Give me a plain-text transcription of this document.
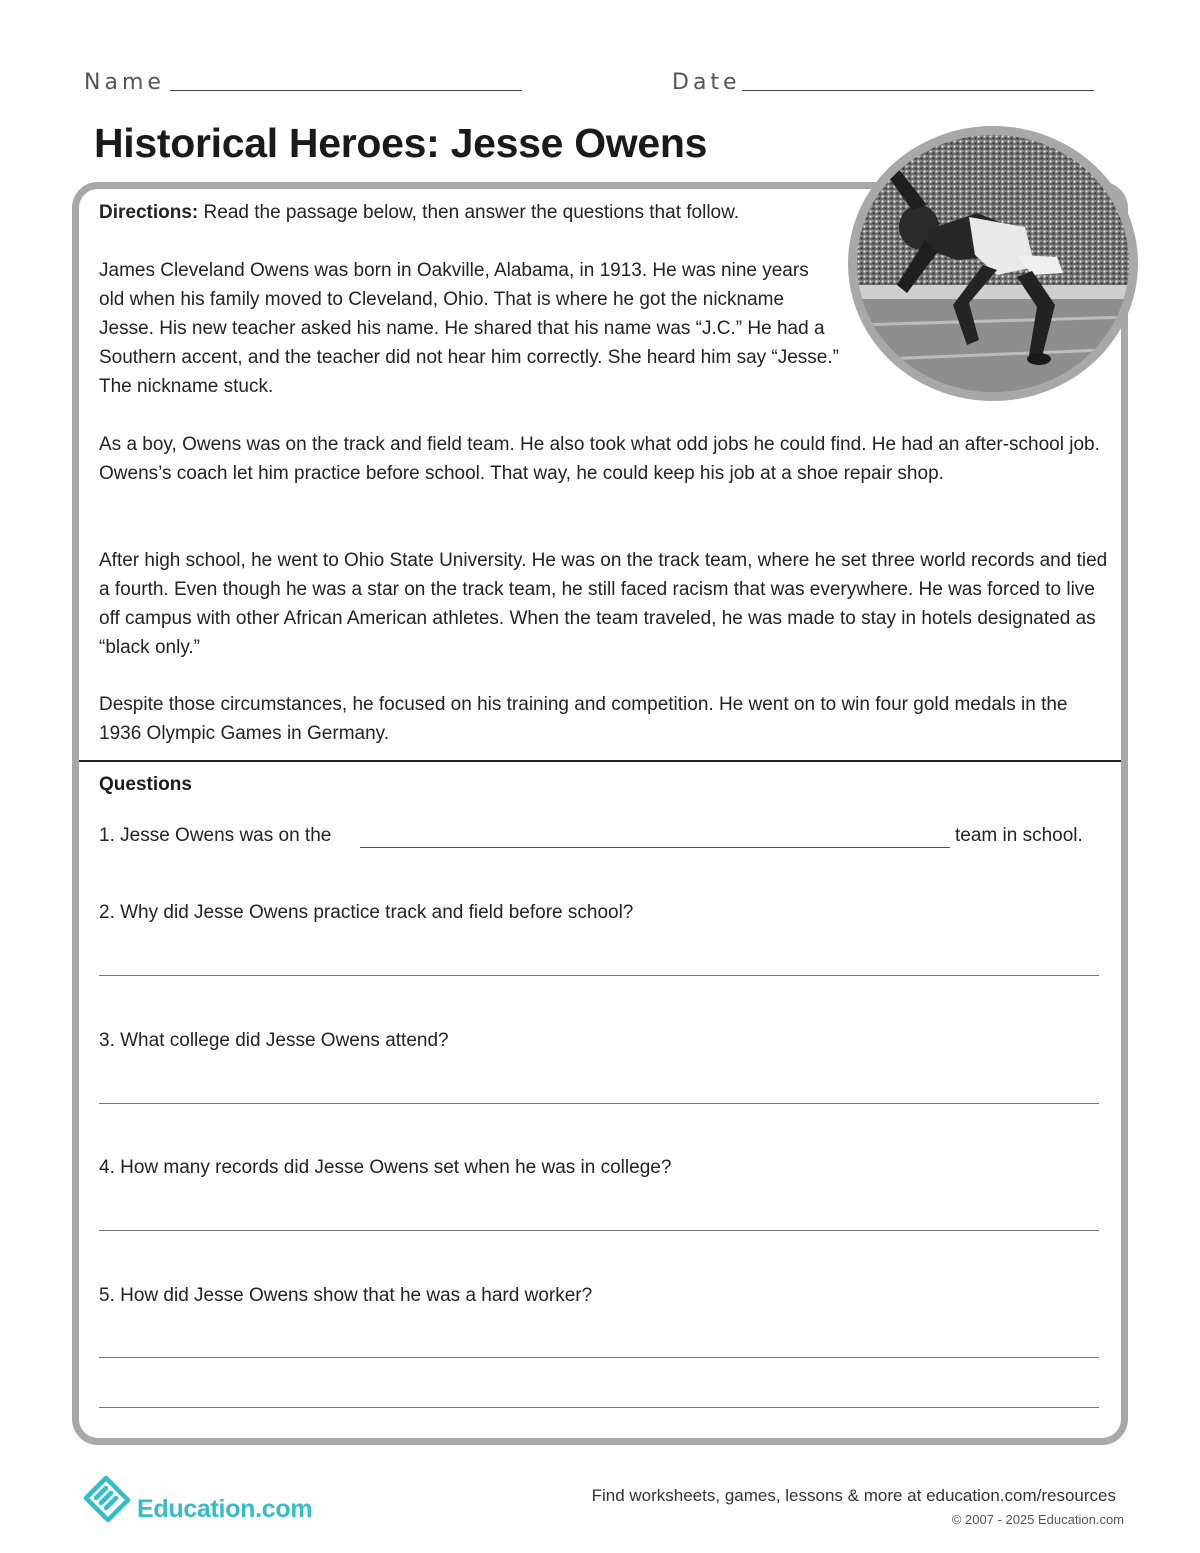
Name	Date
Historical Heroes: Jesse Owens

Directions: Read the passage below, then answer the questions that follow.

James Cleveland Owens was born in Oakville, Alabama, in 1913. He was nine years old when his family moved to Cleveland, Ohio. That is where he got the nickname Jesse. His new teacher asked his name. He shared that his name was “J.C.” He had a Southern accent, and the teacher did not hear him correctly. She heard him say “Jesse.” The nickname stuck.

As a boy, Owens was on the track and field team. He also took what odd jobs he could find. He had an after-school job. Owens’s coach let him practice before school. That way, he could keep his job at a shoe repair shop.

After high school, he went to Ohio State University. He was on the track team, where he set three world records and tied a fourth. Even though he was a star on the track team, he still faced racism that was everywhere. He was forced to live off campus with other African American athletes. When the team traveled, he was made to stay in hotels designated as “black only.”

Despite those circumstances, he focused on his training and competition. He went on to win four gold medals in the 1936 Olympic Games in Germany.

Questions
1. Jesse Owens was on the	team in school.
2. Why did Jesse Owens practice track and field before school?
3. What college did Jesse Owens attend?
4. How many records did Jesse Owens set when he was in college?
5. How did Jesse Owens show that he was a hard worker?
Education.com	Find worksheets, games, lessons & more at education.com/resources
© 2007 - 2025 Education.com
